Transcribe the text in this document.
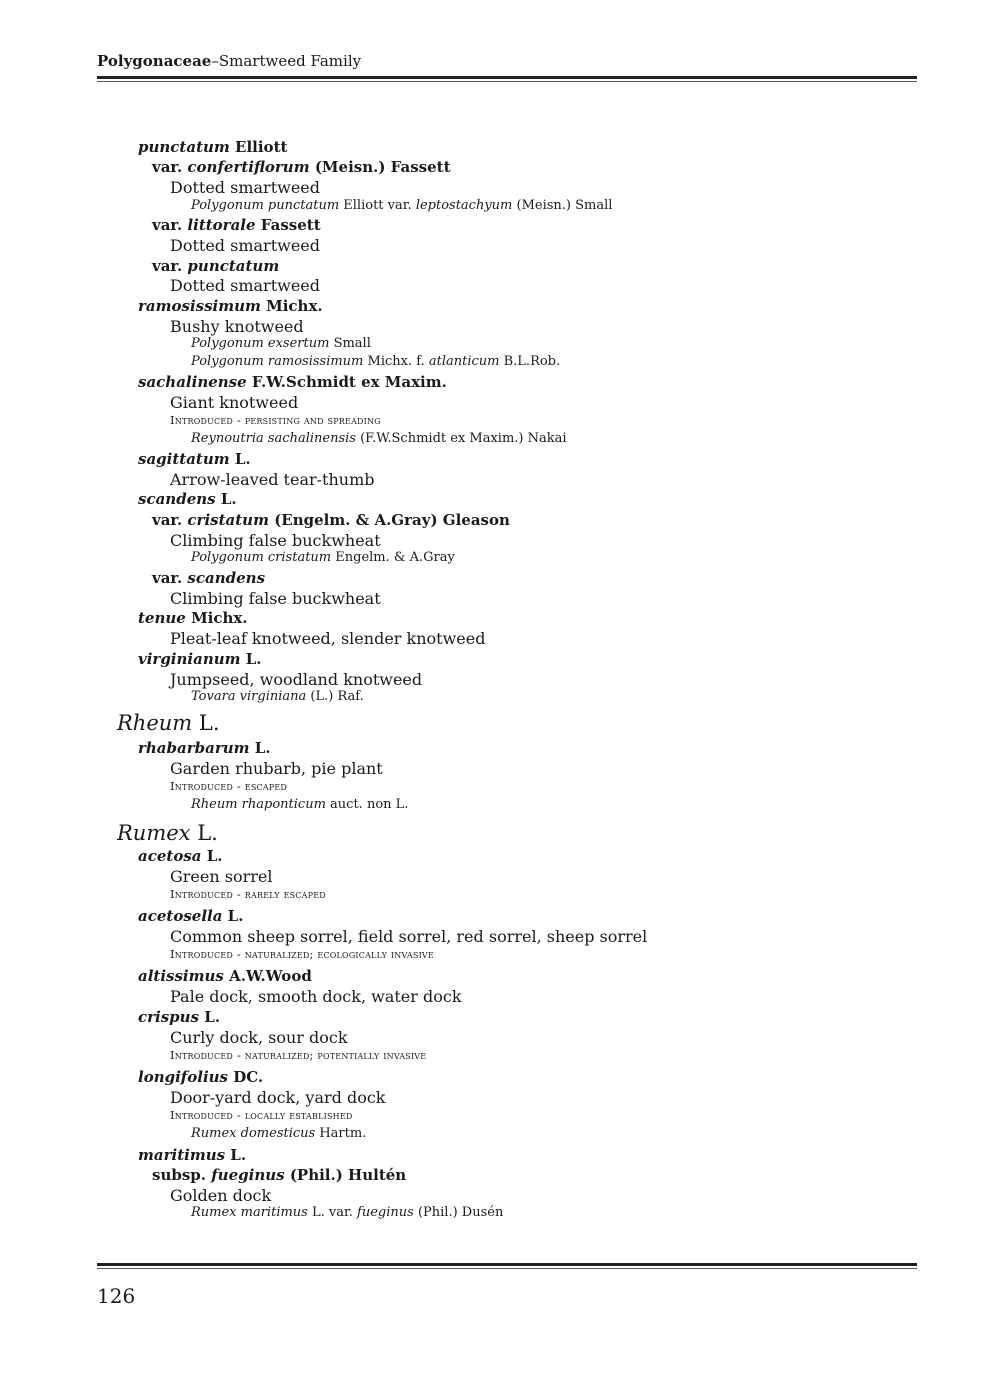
Polygonaceae–Smartweed Family
punctatum Elliott
var. confertiflorum (Meisn.) Fassett
Dotted smartweed
Polygonum punctatum Elliott var. leptostachyum (Meisn.) Small
var. littorale Fassett
Dotted smartweed
var. punctatum
Dotted smartweed
ramosissimum Michx.
Bushy knotweed
Polygonum exsertum Small
Polygonum ramosissimum Michx. f. atlanticum B.L.Rob.
sachalinense F.W.Schmidt ex Maxim.
Giant knotweed
Introduced - persisting and spreading
Reynoutria sachalinensis (F.W.Schmidt ex Maxim.) Nakai
sagittatum L.
Arrow-leaved tear-thumb
scandens L.
var. cristatum (Engelm. & A.Gray) Gleason
Climbing false buckwheat
Polygonum cristatum Engelm. & A.Gray
var. scandens
Climbing false buckwheat
tenue Michx.
Pleat-leaf knotweed, slender knotweed
virginianum L.
Jumpseed, woodland knotweed
Tovara virginiana (L.) Raf.
Rheum L.
rhabarbarum L.
Garden rhubarb, pie plant
Introduced - escaped
Rheum rhaponticum auct. non L.
Rumex L.
acetosa L.
Green sorrel
Introduced - rarely escaped
acetosella L.
Common sheep sorrel, field sorrel, red sorrel, sheep sorrel
Introduced - naturalized; ecologically invasive
altissimus A.W.Wood
Pale dock, smooth dock, water dock
crispus L.
Curly dock, sour dock
Introduced - naturalized; potentially invasive
longifolius DC.
Door-yard dock, yard dock
Introduced - locally established
Rumex domesticus Hartm.
maritimus L.
subsp. fueginus (Phil.) Hultén
Golden dock
Rumex maritimus L. var. fueginus (Phil.) Dusén
126
